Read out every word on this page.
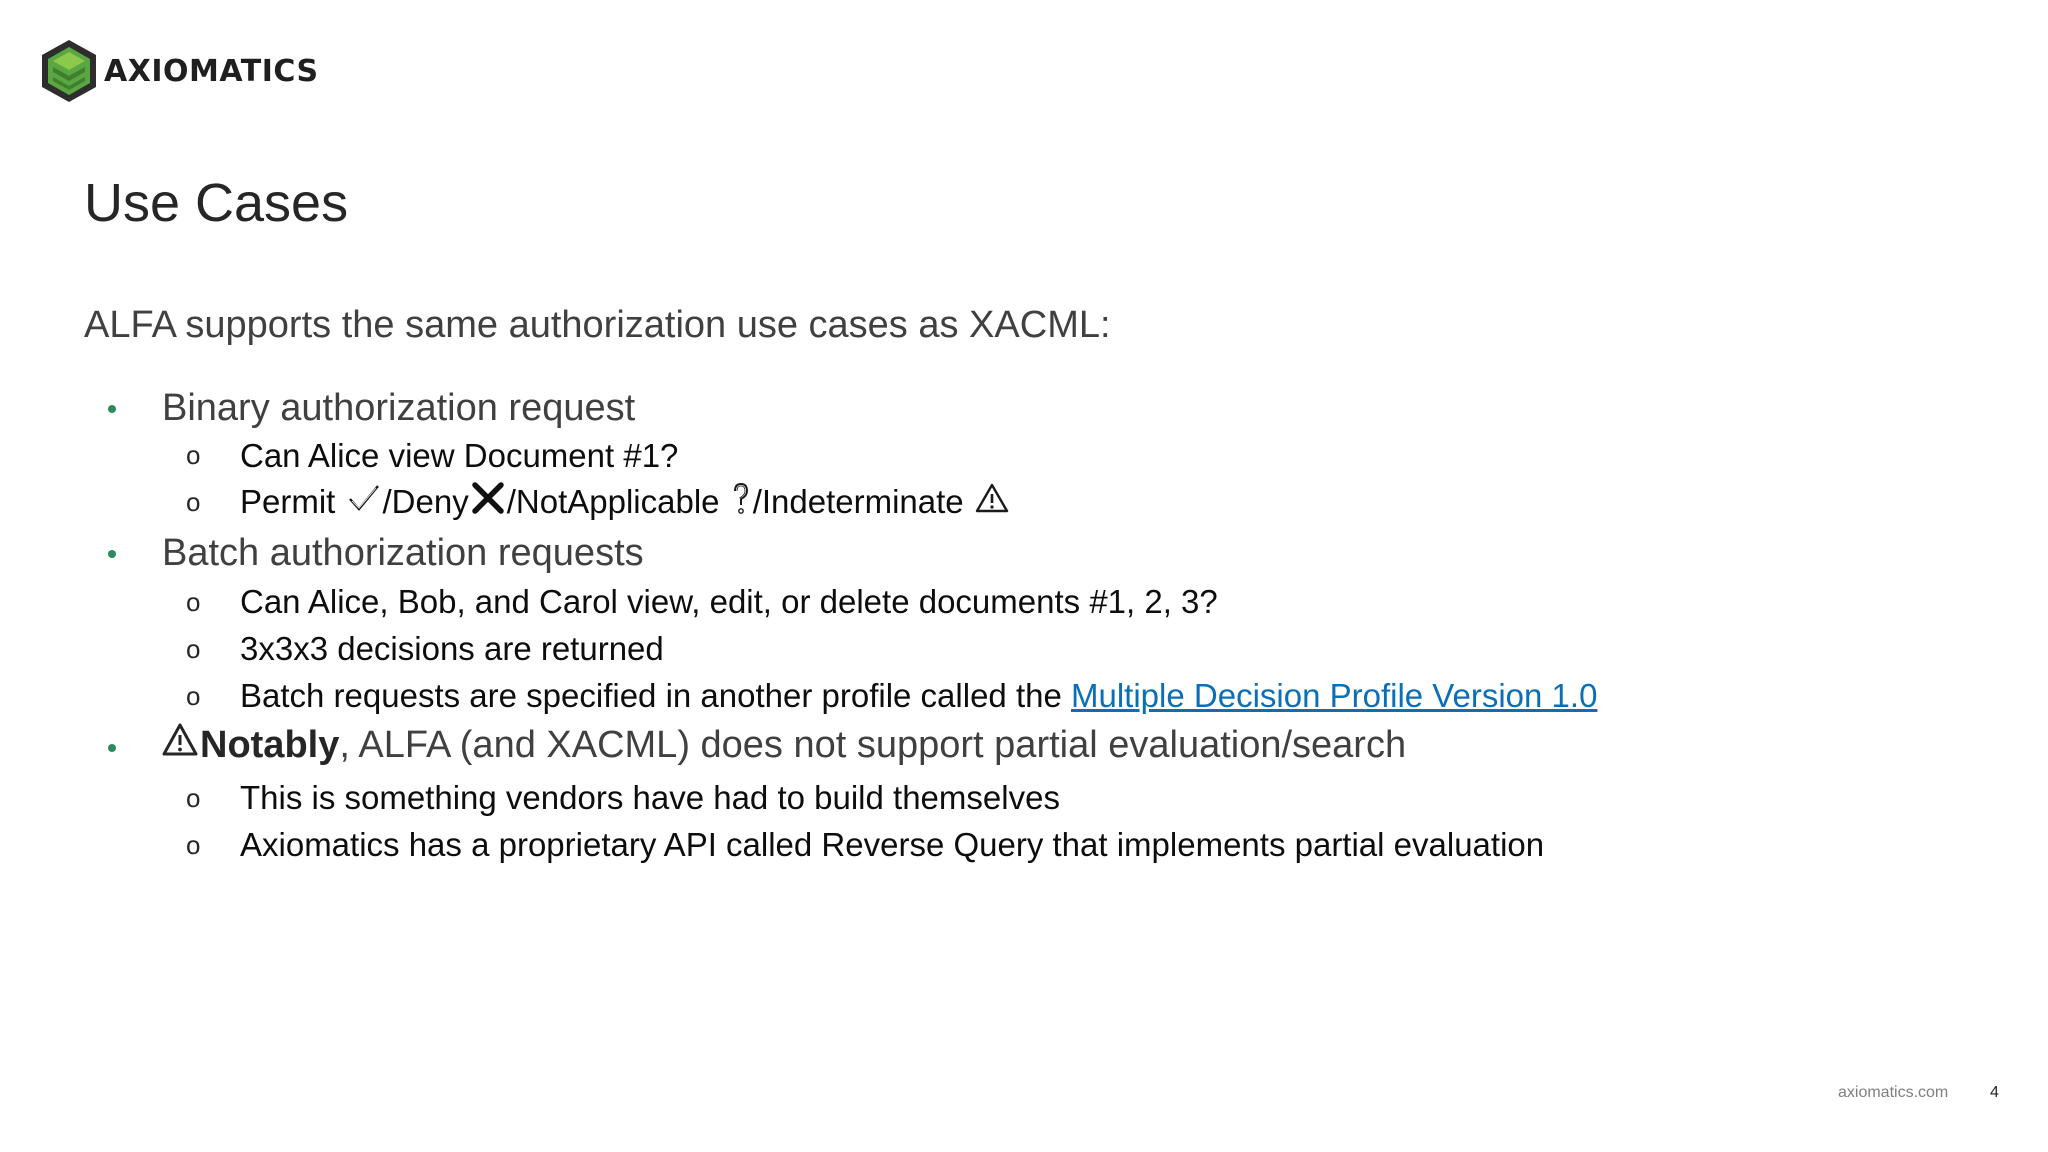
AXIOMATICS
Use Cases
ALFA supports the same authorization use cases as XACML:
Binary authorization request
o Can Alice view Document #1?
o Permit /Deny /NotApplicable /Indeterminate
Batch authorization requests
o Can Alice, Bob, and Carol view, edit, or delete documents #1, 2, 3?
o 3x3x3 decisions are returned
o Batch requests are specified in another profile called the Multiple Decision Profile Version 1.0
Notably , ALFA (and XACML) does not support partial evaluation/search
o This is something vendors have had to build themselves
o Axiomatics has a proprietary API called Reverse Query that implements partial evaluation
axiomatics.com	4
